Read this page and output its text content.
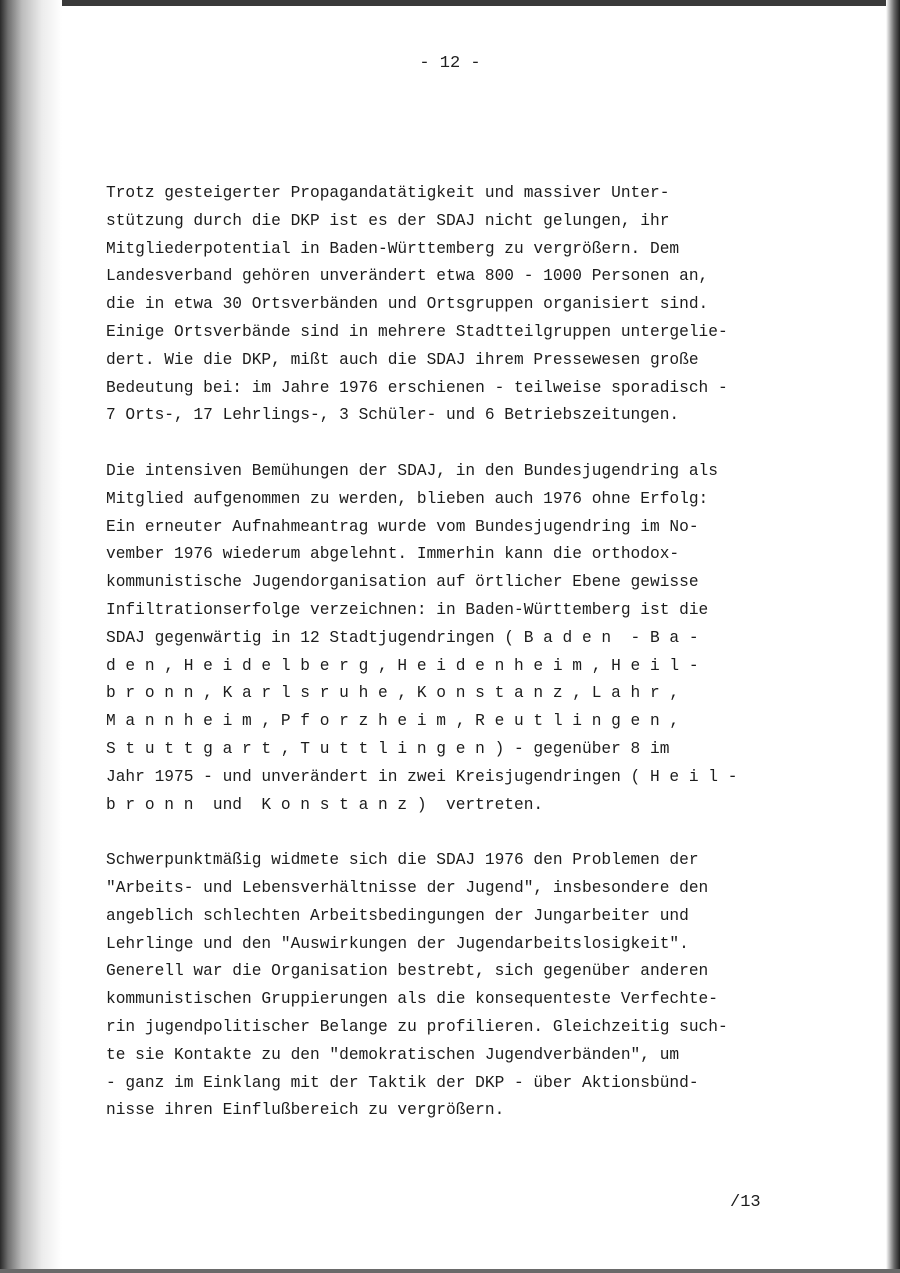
- 12 -

Trotz gesteigerter Propagandatätigkeit und massiver Unter-
stützung durch die DKP ist es der SDAJ nicht gelungen, ihr
Mitgliederpotential in Baden-Württemberg zu vergrößern. Dem
Landesverband gehören unverändert etwa 800 - 1000 Personen an,
die in etwa 30 Ortsverbänden und Ortsgruppen organisiert sind.
Einige Ortsverbände sind in mehrere Stadtteilgruppen untergelie-
dert. Wie die DKP, mißt auch die SDAJ ihrem Pressewesen große
Bedeutung bei: im Jahre 1976 erschienen - teilweise sporadisch -
7 Orts-, 17 Lehrlings-, 3 Schüler- und 6 Betriebszeitungen.

Die intensiven Bemühungen der SDAJ, in den Bundesjugendring als
Mitglied aufgenommen zu werden, blieben auch 1976 ohne Erfolg:
Ein erneuter Aufnahmeantrag wurde vom Bundesjugendring im No-
vember 1976 wiederum abgelehnt. Immerhin kann die orthodox-
kommunistische Jugendorganisation auf örtlicher Ebene gewisse
Infiltrationserfolge verzeichnen: in Baden-Württemberg ist die
SDAJ gegenwärtig in 12 Stadtjugendringen ( B a d e n  - B a -
d e n , H e i d e l b e r g , H e i d e n h e i m , H e i l -
b r o n n , K a r l s r u h e , K o n s t a n z , L a h r ,
M a n n h e i m , P f o r z h e i m , R e u t l i n g e n ,
S t u t t g a r t , T u t t l i n g e n ) - gegenüber 8 im
Jahr 1975 - und unverändert in zwei Kreisjugendringen ( H e i l -
b r o n n  und  K o n s t a n z )  vertreten.

Schwerpunktmäßig widmete sich die SDAJ 1976 den Problemen der
"Arbeits- und Lebensverhältnisse der Jugend", insbesondere den
angeblich schlechten Arbeitsbedingungen der Jungarbeiter und
Lehrlinge und den "Auswirkungen der Jugendarbeitslosigkeit".
Generell war die Organisation bestrebt, sich gegenüber anderen
kommunistischen Gruppierungen als die konsequenteste Verfechte-
rin jugendpolitischer Belange zu profilieren. Gleichzeitig such-
te sie Kontakte zu den "demokratischen Jugendverbänden", um
- ganz im Einklang mit der Taktik der DKP - über Aktionsbünd-
nisse ihren Einflußbereich zu vergrößern.

/13
